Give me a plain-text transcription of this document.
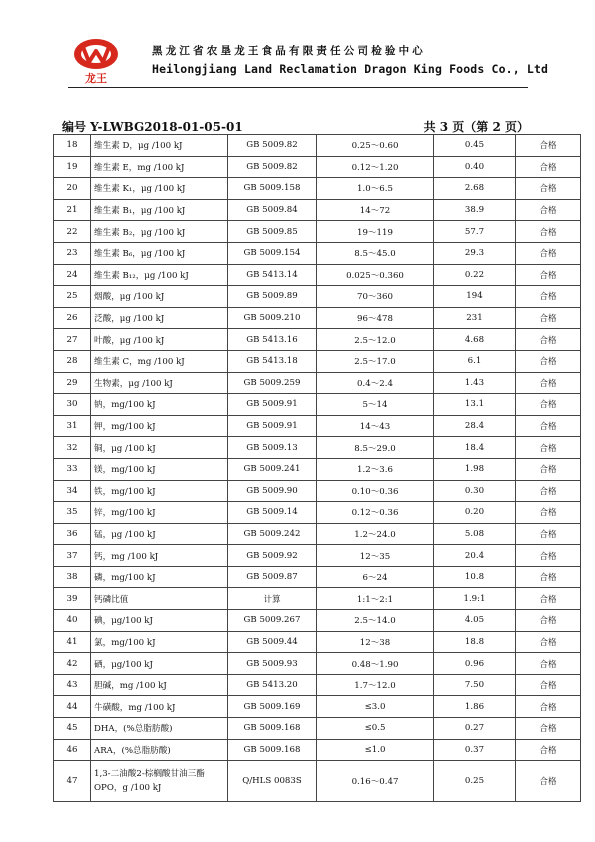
龙王
黑龙江省农垦龙王食品有限责任公司检验中心
Heilongjiang Land Reclamation Dragon King Foods Co., Ltd
编号 Y-LWBG2018-01-05-01	共 3 页（第 2 页）
18	维生素 D，μg /100 kJ	GB 5009.82	0.25～0.60	0.45	合格
19	维生素 E，mg /100 kJ	GB 5009.82	0.12～1.20	0.40	合格
20	维生素 K₁，μg /100 kJ	GB 5009.158	1.0～6.5	2.68	合格
21	维生素 B₁，μg /100 kJ	GB 5009.84	14～72	38.9	合格
22	维生素 B₂，μg /100 kJ	GB 5009.85	19～119	57.7	合格
23	维生素 B₆，μg /100 kJ	GB 5009.154	8.5～45.0	29.3	合格
24	维生素 B₁₂，μg /100 kJ	GB 5413.14	0.025～0.360	0.22	合格
25	烟酸，μg /100 kJ	GB 5009.89	70～360	194	合格
26	泛酸，μg /100 kJ	GB 5009.210	96～478	231	合格
27	叶酸，μg /100 kJ	GB 5413.16	2.5～12.0	4.68	合格
28	维生素 C，mg /100 kJ	GB 5413.18	2.5～17.0	6.1	合格
29	生物素，μg /100 kJ	GB 5009.259	0.4～2.4	1.43	合格
30	钠，mg/100 kJ	GB 5009.91	5～14	13.1	合格
31	钾，mg/100 kJ	GB 5009.91	14～43	28.4	合格
32	铜，μg /100 kJ	GB 5009.13	8.5～29.0	18.4	合格
33	镁，mg/100 kJ	GB 5009.241	1.2～3.6	1.98	合格
34	铁，mg/100 kJ	GB 5009.90	0.10～0.36	0.30	合格
35	锌，mg/100 kJ	GB 5009.14	0.12～0.36	0.20	合格
36	锰，μg /100 kJ	GB 5009.242	1.2～24.0	5.08	合格
37	钙，mg /100 kJ	GB 5009.92	12～35	20.4	合格
38	磷，mg/100 kJ	GB 5009.87	6～24	10.8	合格
39	钙磷比值	计算	1:1～2:1	1.9:1	合格
40	碘，μg/100 kJ	GB 5009.267	2.5～14.0	4.05	合格
41	氯，mg/100 kJ	GB 5009.44	12～38	18.8	合格
42	硒，μg/100 kJ	GB 5009.93	0.48～1.90	0.96	合格
43	胆碱，mg /100 kJ	GB 5413.20	1.7～12.0	7.50	合格
44	牛磺酸，mg /100 kJ	GB 5009.169	≤3.0	1.86	合格
45	DHA，(%总脂肪酸)	GB 5009.168	≤0.5	0.27	合格
46	ARA，(%总脂肪酸)	GB 5009.168	≤1.0	0.37	合格
47	1,3-二油酸2-棕榈酸甘油三酯OPO，g /100 kJ	Q/HLS 0083S	0.16～0.47	0.25	合格
